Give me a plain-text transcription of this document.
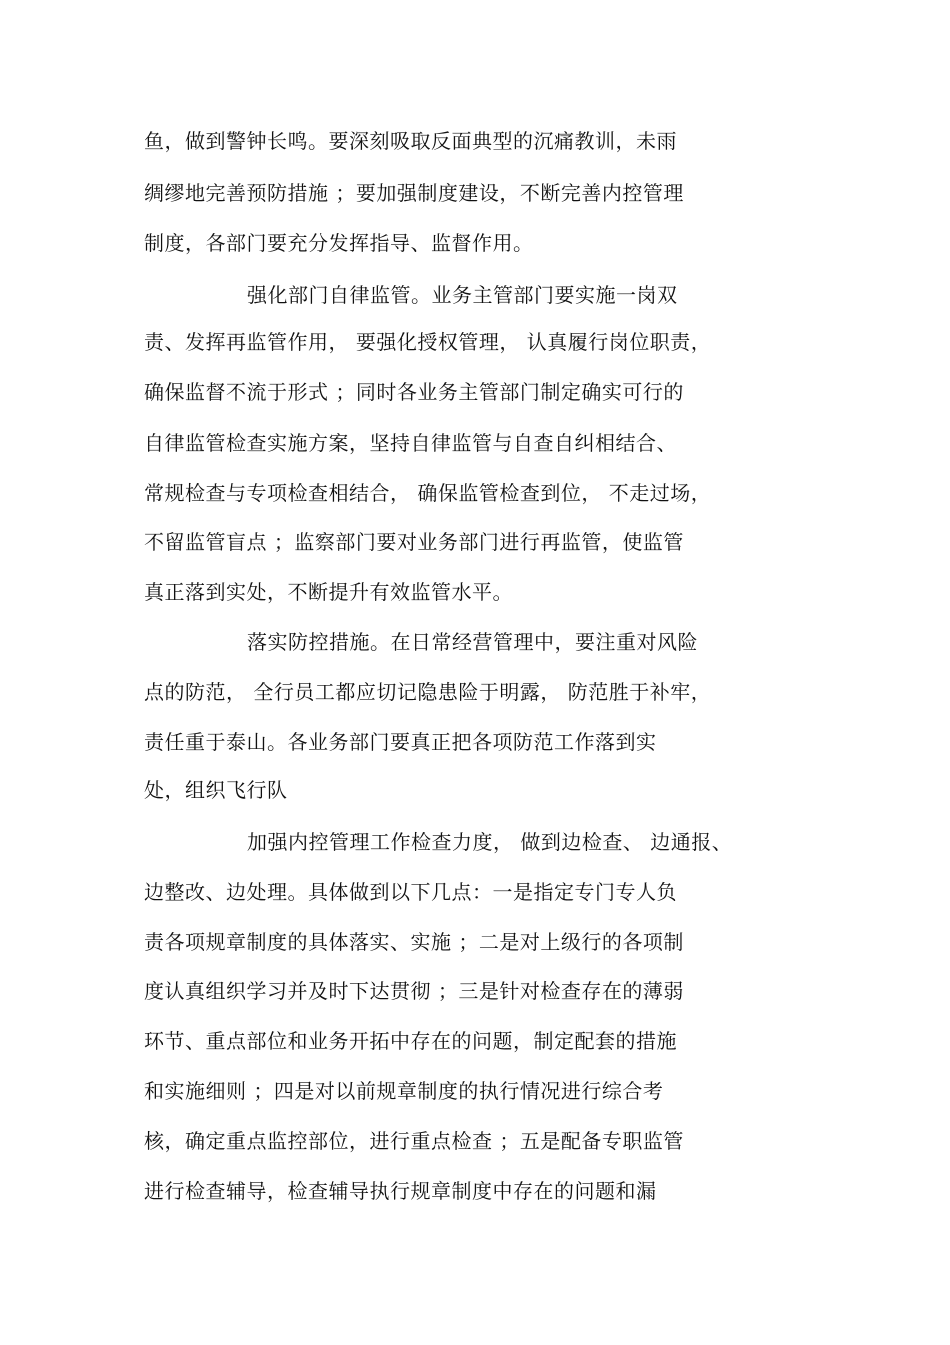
鱼，做到警钟长鸣。要深刻吸取反面典型的沉痛教训，未雨
绸缪地完善预防措施 ；要加强制度建设，不断完善内控管理
制度，各部门要充分发挥指导、监督作用。
强化部门自律监管。业务主管部门要实施一岗双
责、发挥再监管作用， 要强化授权管理， 认真履行岗位职责，
确保监督不流于形式 ；同时各业务主管部门制定确实可行的
自律监管检查实施方案，坚持自律监管与自查自纠相结合、
常规检查与专项检查相结合， 确保监管检查到位， 不走过场，
不留监管盲点 ；监察部门要对业务部门进行再监管，使监管
真正落到实处，不断提升有效监管水平。
落实防控措施。在日常经营管理中，要注重对风险
点的防范， 全行员工都应切记隐患险于明露， 防范胜于补牢，
责任重于泰山。各业务部门要真正把各项防范工作落到实
处，组织飞行队
加强内控管理工作检查力度， 做到边检查、 边通报、
边整改、边处理。具体做到以下几点：一是指定专门专人负
责各项规章制度的具体落实、实施 ；二是对上级行的各项制
度认真组织学习并及时下达贯彻 ；三是针对检查存在的薄弱
环节、重点部位和业务开拓中存在的问题，制定配套的措施
和实施细则 ；四是对以前规章制度的执行情况进行综合考
核，确定重点监控部位，进行重点检查 ；五是配备专职监管
进行检查辅导，检查辅导执行规章制度中存在的问题和漏
